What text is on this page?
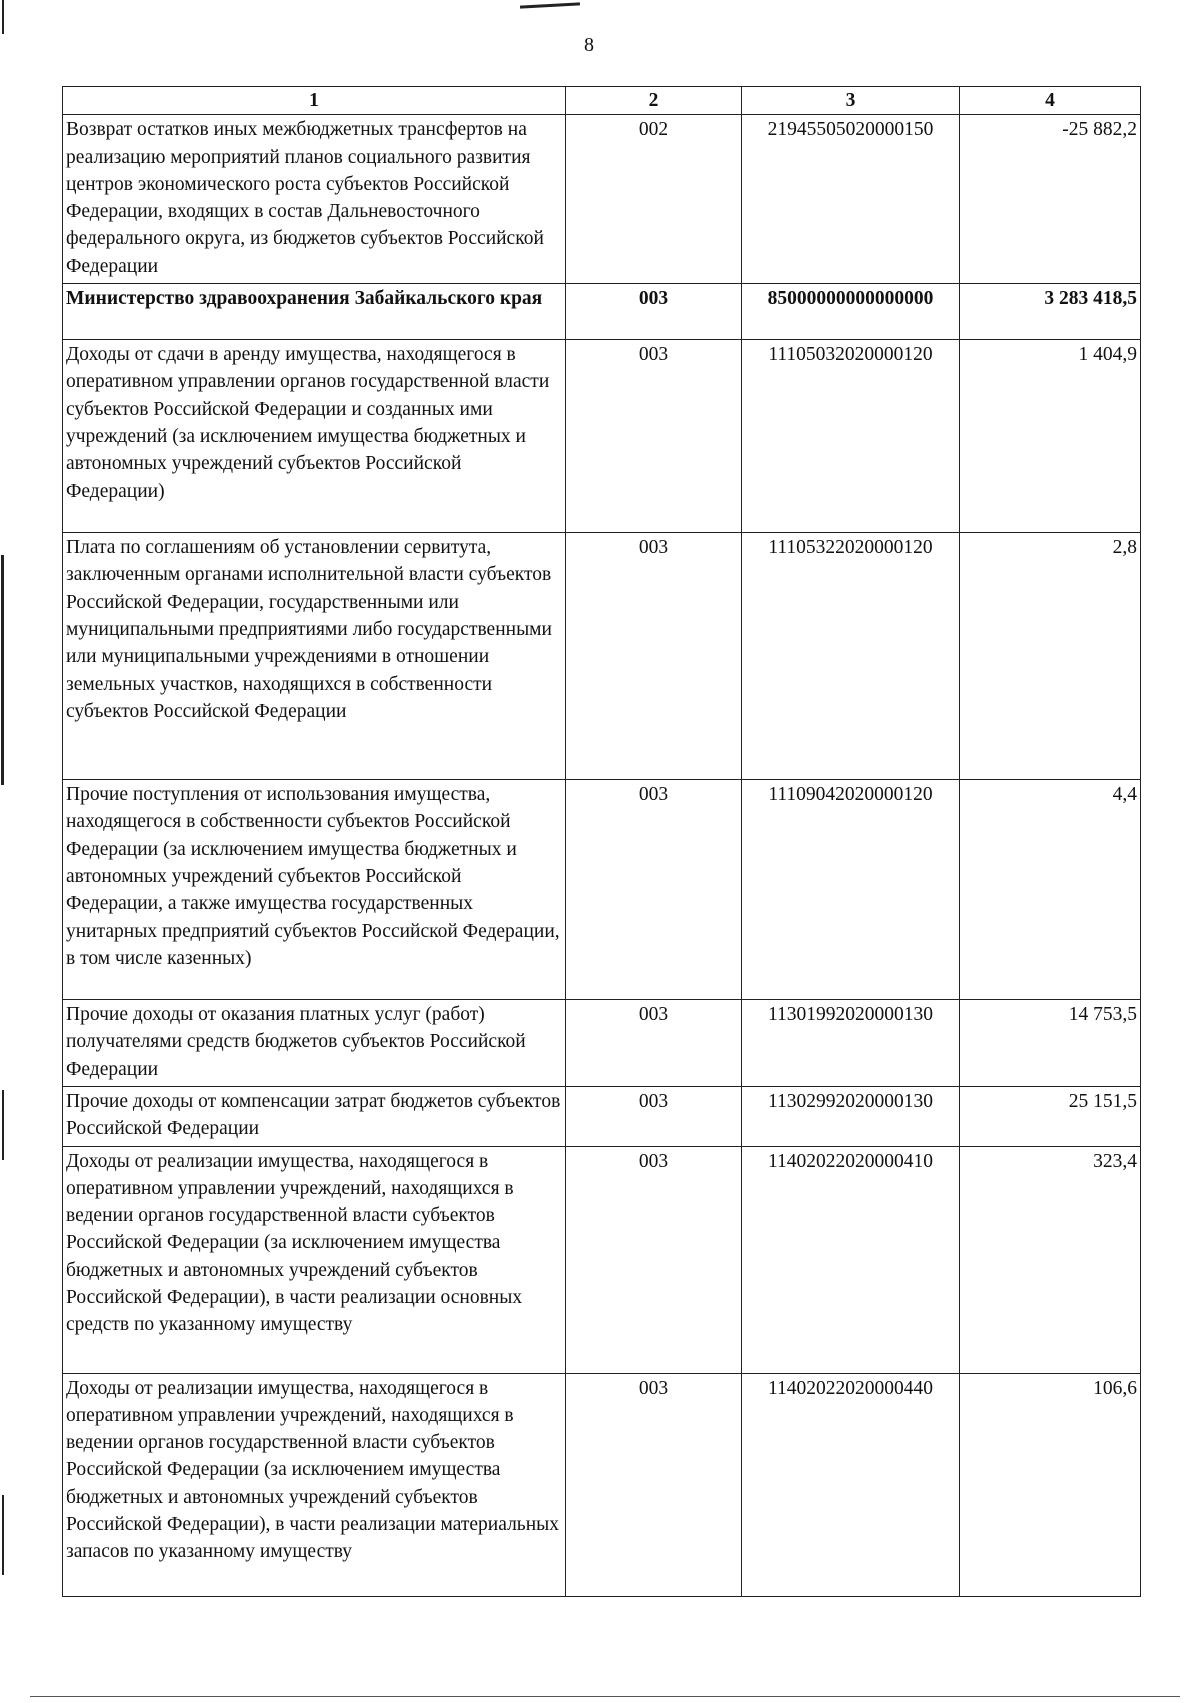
8
1	2	3	4
Возврат остатков иных межбюджетных трансфертов на реализацию мероприятий планов социального развития центров экономического роста субъектов Российской Федерации, входящих в состав Дальневосточного федерального округа, из бюджетов субъектов Российской Федерации	002	21945505020000150	-25 882,2
Министерство здравоохранения Забайкальского края	003	85000000000000000	3 283 418,5
Доходы от сдачи в аренду имущества, находящегося в оперативном управлении органов государственной власти субъектов Российской Федерации и созданных ими учреждений (за исключением имущества бюджетных и автономных учреждений субъектов Российской Федерации)	003	11105032020000120	1 404,9
Плата по соглашениям об установлении сервитута, заключенным органами исполнительной власти субъектов Российской Федерации, государственными или муниципальными предприятиями либо государственными или муниципальными учреждениями в отношении земельных участков, находящихся в собственности субъектов Российской Федерации	003	11105322020000120	2,8
Прочие поступления от использования имущества, находящегося в собственности субъектов Российской Федерации (за исключением имущества бюджетных и автономных учреждений субъектов Российской Федерации, а также имущества государственных унитарных предприятий субъектов Российской Федерации, в том числе казенных)	003	11109042020000120	4,4
Прочие доходы от оказания платных услуг (работ) получателями средств бюджетов субъектов Российской Федерации	003	11301992020000130	14 753,5
Прочие доходы от компенсации затрат бюджетов субъектов Российской Федерации	003	11302992020000130	25 151,5
Доходы от реализации имущества, находящегося в оперативном управлении учреждений, находящихся в ведении органов государственной власти субъектов Российской Федерации (за исключением имущества бюджетных и автономных учреждений субъектов Российской Федерации), в части реализации основных средств по указанному имуществу	003	11402022020000410	323,4
Доходы от реализации имущества, находящегося в оперативном управлении учреждений, находящихся в ведении органов государственной власти субъектов Российской Федерации (за исключением имущества бюджетных и автономных учреждений субъектов Российской Федерации), в части реализации материальных запасов по указанному имуществу	003	11402022020000440	106,6
